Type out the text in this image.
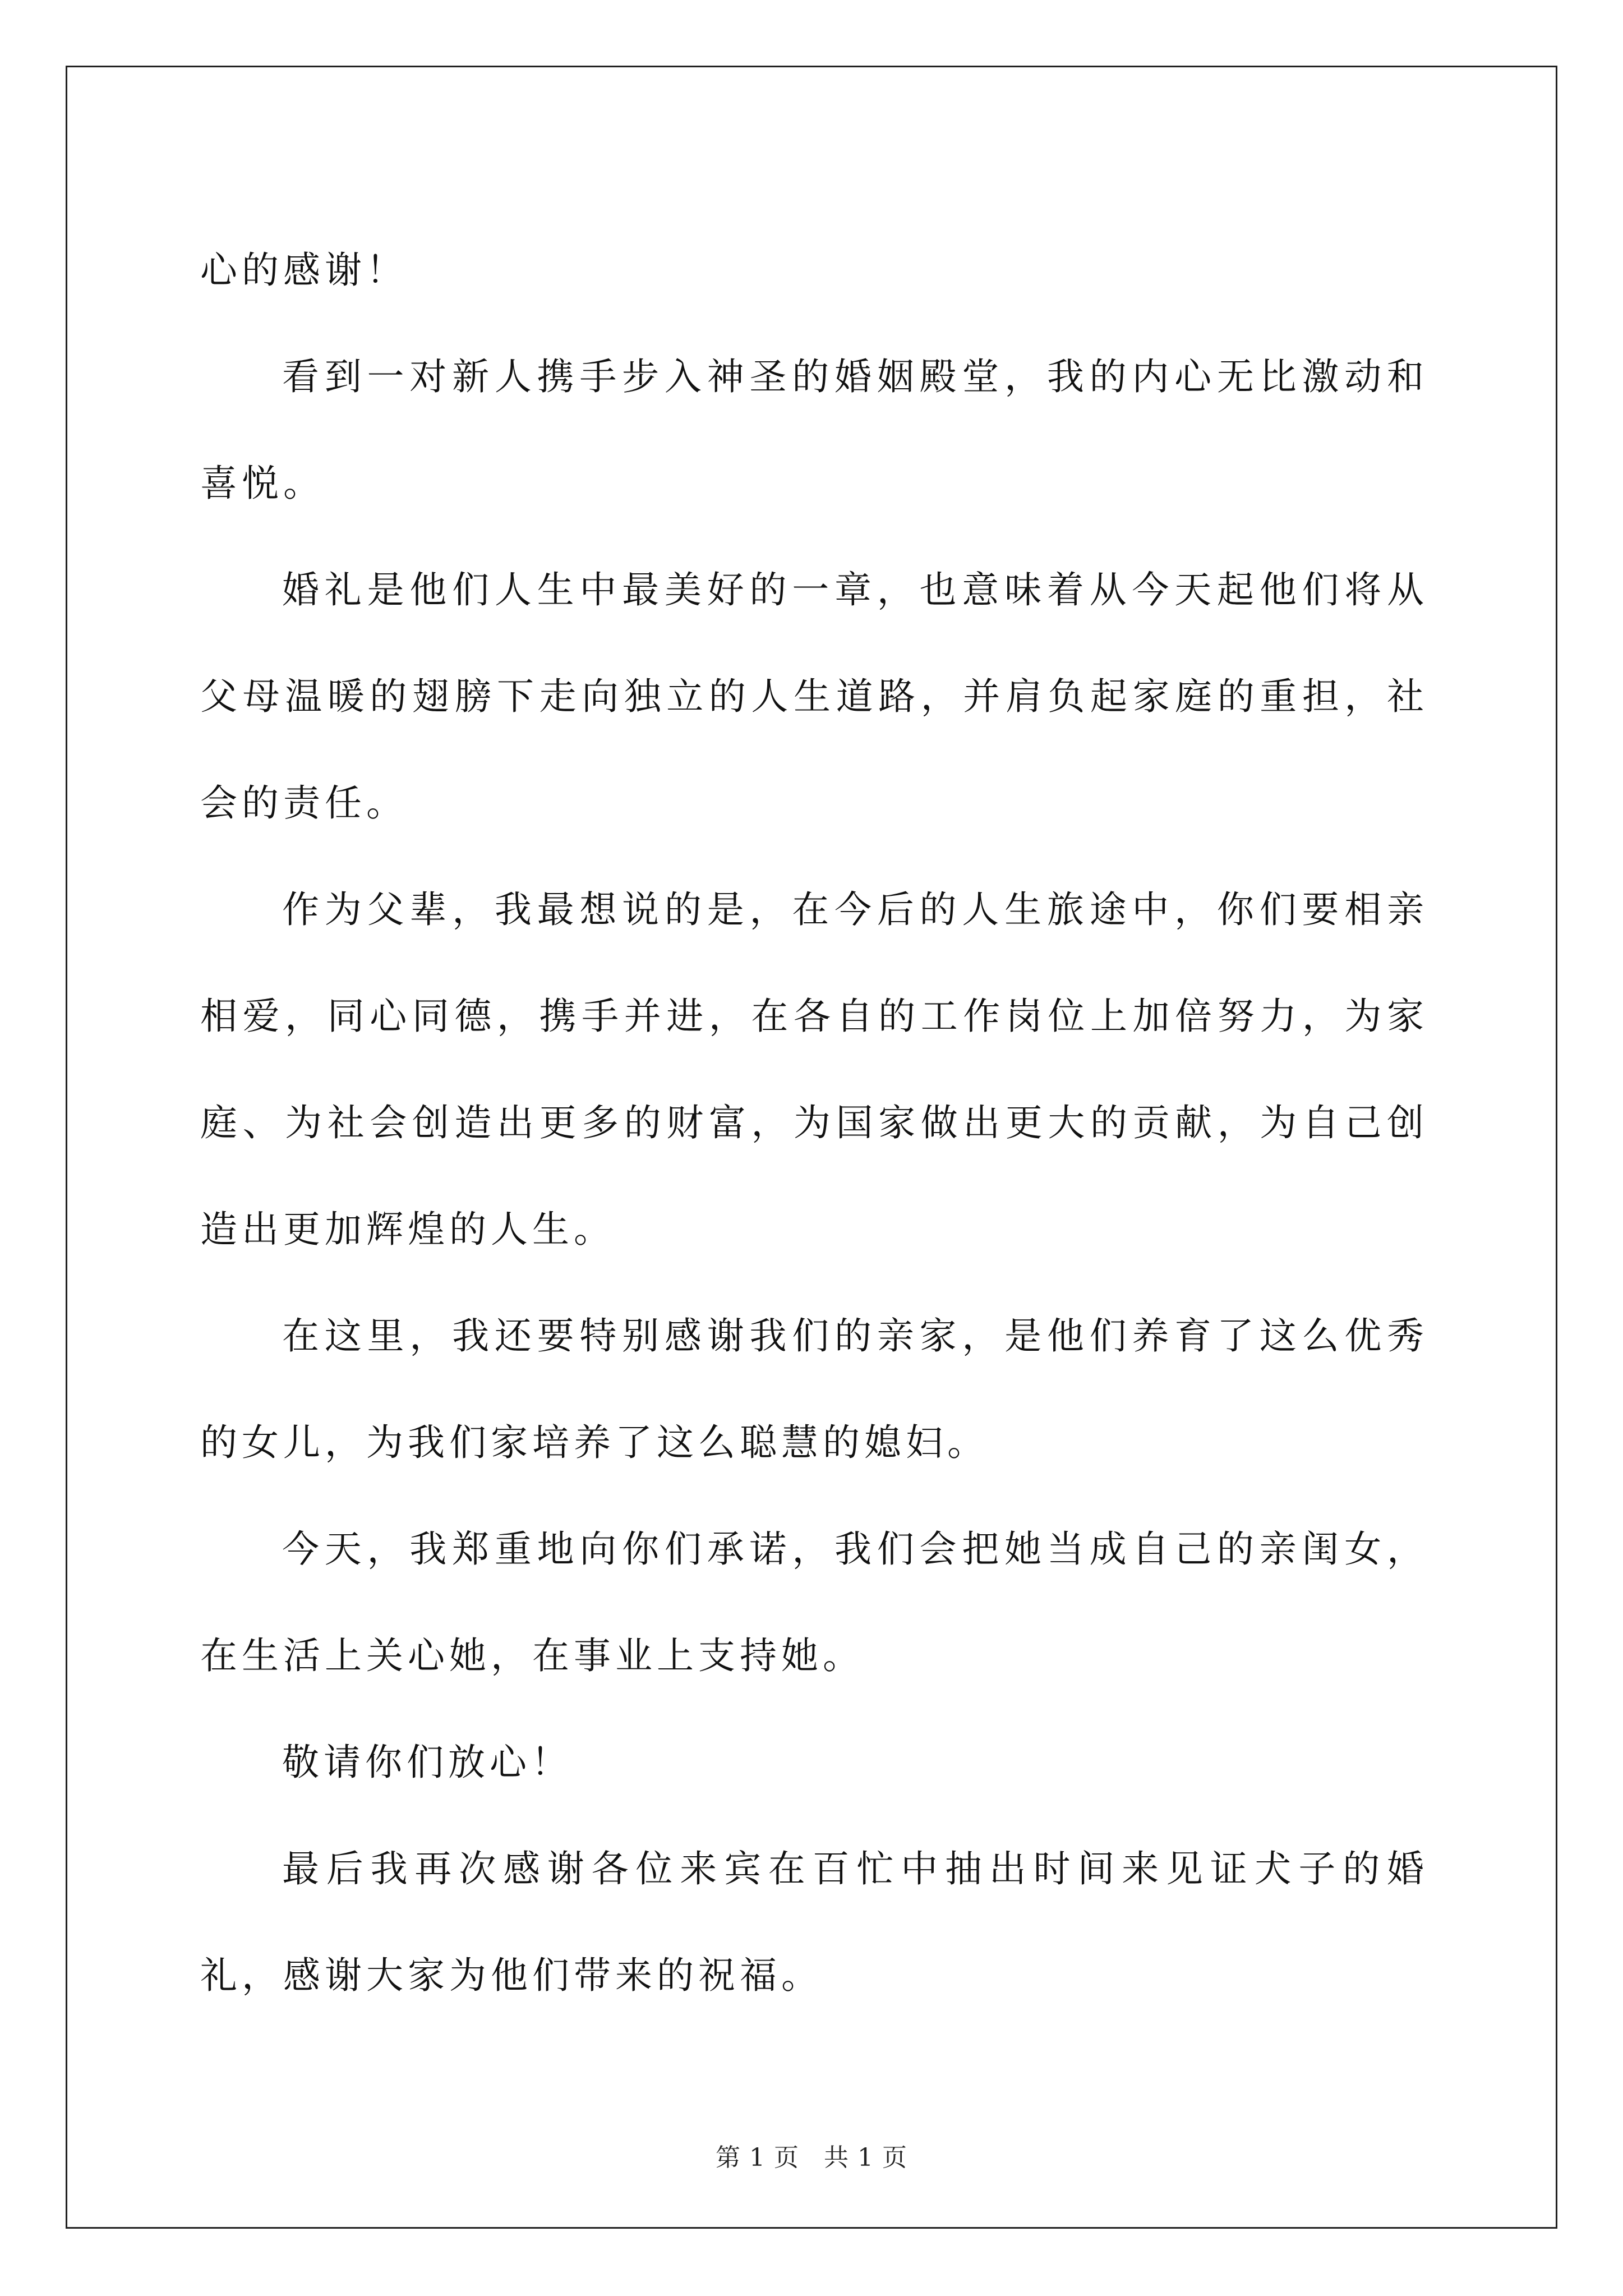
心的感谢！

看到一对新人携手步入神圣的婚姻殿堂，我的内心无比激动和喜悦。

婚礼是他们人生中最美好的一章，也意味着从今天起他们将从父母温暖的翅膀下走向独立的人生道路，并肩负起家庭的重担，社会的责任。

作为父辈，我最想说的是，在今后的人生旅途中，你们要相亲相爱，同心同德，携手并进，在各自的工作岗位上加倍努力，为家庭、为社会创造出更多的财富，为国家做出更大的贡献，为自己创造出更加辉煌的人生。

在这里，我还要特别感谢我们的亲家，是他们养育了这么优秀的女儿，为我们家培养了这么聪慧的媳妇。

今天，我郑重地向你们承诺，我们会把她当成自己的亲闺女，在生活上关心她，在事业上支持她。

敬请你们放心！

最后我再次感谢各位来宾在百忙中抽出时间来见证犬子的婚礼，感谢大家为他们带来的祝福。

第 1 页 共 1 页
